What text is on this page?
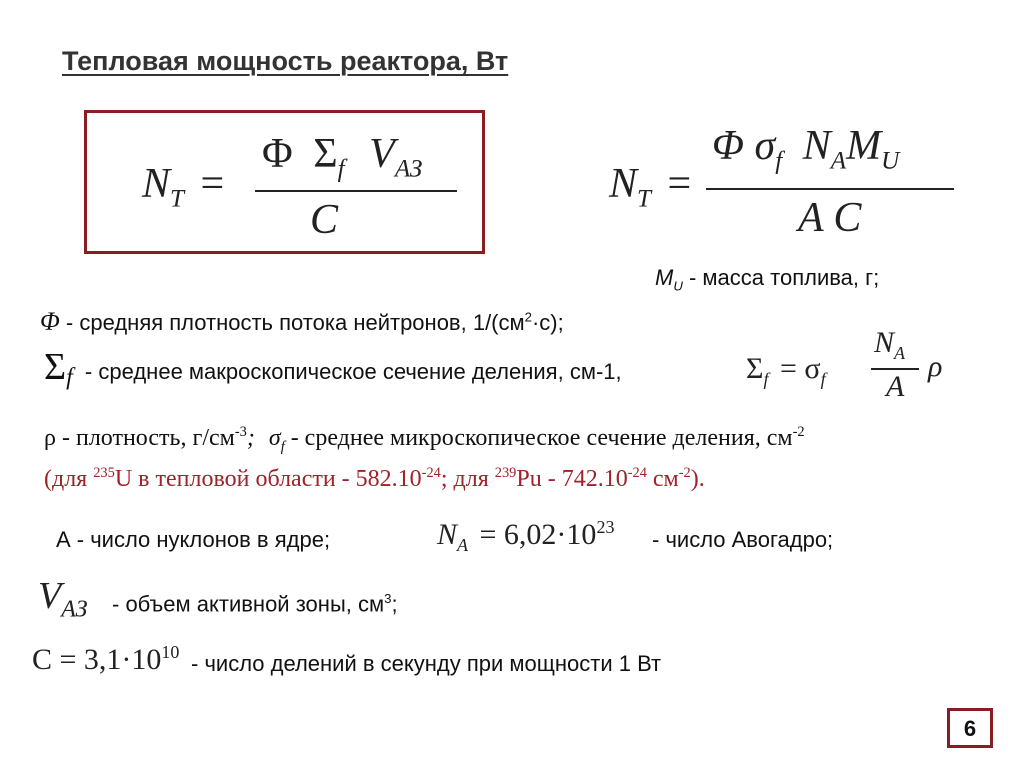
Тепловая мощность реактора, Вт
$N_T$ =
Φ $\Sigma_f$ $V_{АЗ}$
C
$N_T$ =
Φ $\sigma_f$ $N_AM_U$
A C
$M_U$ - масса топлива, г;
Φ - средняя плотность потока нейтронов, $1/(см^2\cdot с)$;
$\Sigma_f$ - среднее макроскопическое сечение деления, см-1,	$\Sigma_f = \sigma_f$
$N_A$
A
ρ
ρ - плотность, $г/см^{-3}$; $\sigma_f$ - среднее микроскопическое сечение деления, $см^{-2}$
(для $^{235}$U в тепловой области - $582.10^{-24}$; для $^{239}Pu - 742.10^{-24}$ $см^{-2}$).
А - число нуклонов в ядре;	$N_A = 6,02\cdot 10^{23}$ - число Авогадро;
$V_{АЗ}$ - объем активной зоны, $см^3$;
$C = 3,1\cdot 10^{10}$ - число делений в секунду при мощности 1 Вт
6
